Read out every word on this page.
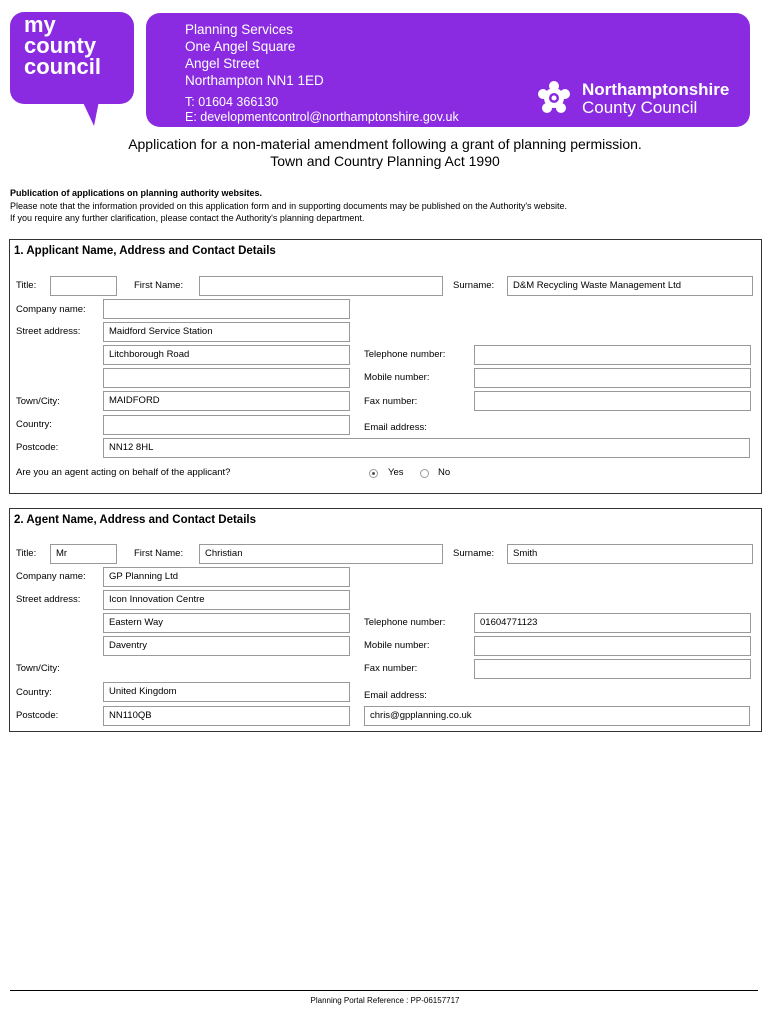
my
county
council
Planning Services
One Angel Square
Angel Street
Northampton NN1 1ED
T: 01604 366130
E: developmentcontrol@northamptonshire.gov.uk
Northamptonshire
County Council
Application for a non-material amendment following a grant of planning permission.
Town and Country Planning Act 1990
Publication of applications on planning authority websites.
Please note that the information provided on this application form and in supporting documents may be published on the Authority's website.
If you require any further clarification, please contact the Authority's planning department.
1. Applicant Name, Address and Contact Details
Title:	First Name:	Surname:	D&M Recycling Waste Management Ltd
Company name:
Street address:	Maidford Service Station
Litchborough Road	Telephone number:
Mobile number:
Town/City:	MAIDFORD	Fax number:
Country:	Email address:
Postcode:	NN12 8HL
Are you an agent acting on behalf of the applicant?	Yes	No
2. Agent Name, Address and Contact Details
Title:	Mr	First Name:	Christian	Surname:	Smith
Company name:	GP Planning Ltd
Street address:	Icon Innovation Centre
Eastern Way
Daventry
Telephone number:	01604771123
Mobile number:
Town/City:	Fax number:
Country:	United Kingdom	Email address:
Postcode:	NN110QB	chris@gpplanning.co.uk
Planning Portal Reference : PP-06157717
